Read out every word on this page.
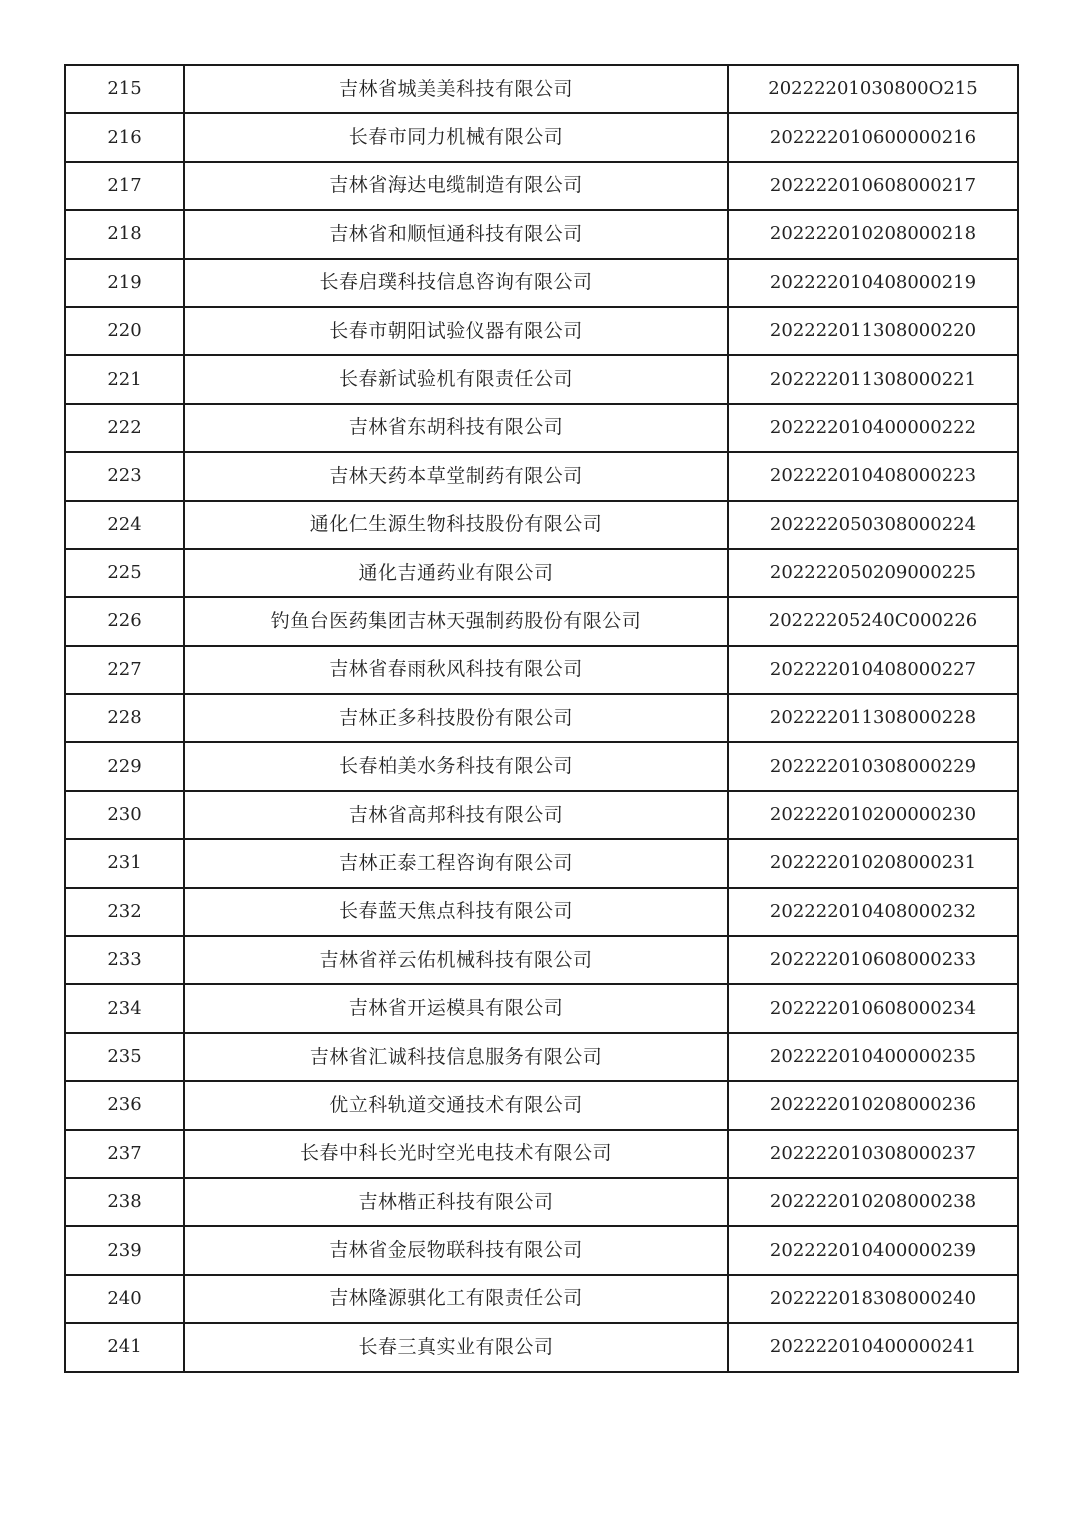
215	吉林省城美美科技有限公司	20222201030800O215
216	长春市同力机械有限公司	202222010600000216
217	吉林省海达电缆制造有限公司	202222010608000217
218	吉林省和顺恒通科技有限公司	202222010208000218
219	长春启璞科技信息咨询有限公司	202222010408000219
220	长春市朝阳试验仪器有限公司	202222011308000220
221	长春新试验机有限责任公司	202222011308000221
222	吉林省东胡科技有限公司	202222010400000222
223	吉林天药本草堂制药有限公司	202222010408000223
224	通化仁生源生物科技股份有限公司	202222050308000224
225	通化吉通药业有限公司	202222050209000225
226	钓鱼台医药集团吉林天强制药股份有限公司	20222205240C000226
227	吉林省春雨秋风科技有限公司	202222010408000227
228	吉林正多科技股份有限公司	202222011308000228
229	长春柏美水务科技有限公司	202222010308000229
230	吉林省高邦科技有限公司	202222010200000230
231	吉林正泰工程咨询有限公司	202222010208000231
232	长春蓝天焦点科技有限公司	202222010408000232
233	吉林省祥云佑机械科技有限公司	202222010608000233
234	吉林省开运模具有限公司	202222010608000234
235	吉林省汇诚科技信息服务有限公司	202222010400000235
236	优立科轨道交通技术有限公司	202222010208000236
237	长春中科长光时空光电技术有限公司	202222010308000237
238	吉林楷正科技有限公司	202222010208000238
239	吉林省金辰物联科技有限公司	202222010400000239
240	吉林隆源骐化工有限责任公司	202222018308000240
241	长春三真实业有限公司	202222010400000241
